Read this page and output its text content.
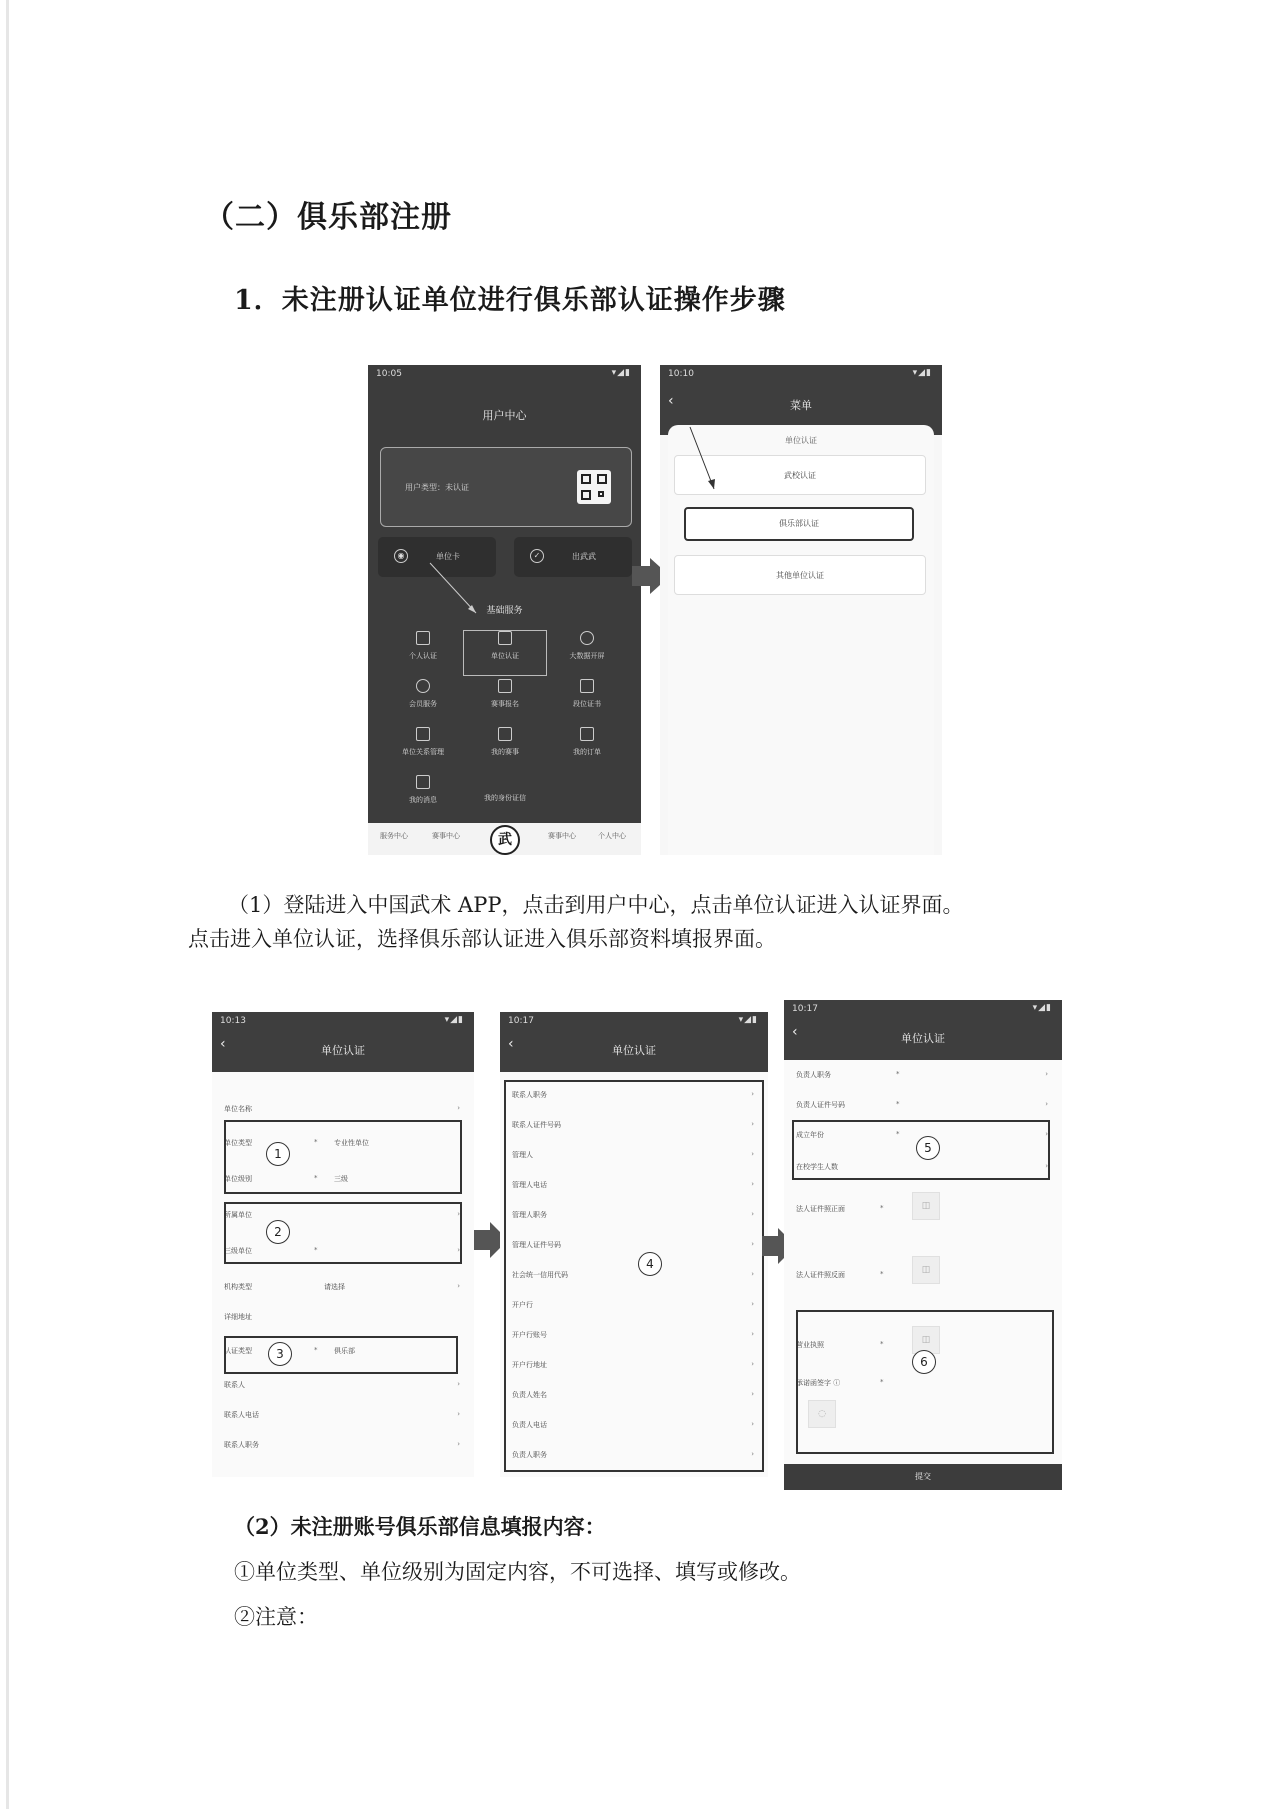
（二）俱乐部注册
1．未注册认证单位进行俱乐部认证操作步骤
10:05	▾◢▮
用户中心
用户类型：未认证
◉	单位卡	✓	出武武
基础服务
个人认证	单位认证	大数据开屏
会员服务	赛事报名	段位证书
单位关系管理	我的赛事	我的订单
我的消息	我的身份证信
服务中心	赛事中心	武	赛事中心	个人中心
10:10	▾◢▮
‹	菜单
单位认证
武校认证
俱乐部认证
其他单位认证
（1）登陆进入中国武术 APP，点击到用户中心，点击单位认证进入认证界面。
点击进入单位认证，选择俱乐部认证进入俱乐部资料填报界面。
10:13	▾◢▮
‹	单位认证
单位名称	›
单位类型	* 专业性单位
单位级别	* 三级
所属单位	›
三级单位	*	›
机构类型	请选择	›
详细地址
认证类型	* 俱乐部
联系人	›
联系人电话	›
联系人职务	›
1
2
3
10:17	▾◢▮
‹	单位认证
联系人职务	›
联系人证件号码	›
管理人	›
管理人电话	›
管理人职务	›
管理人证件号码	›
社会统一信用代码	›
开户行	›
开户行账号	›
开户行地址	›
负责人姓名	›
负责人电话	›
负责人职务	›
4
10:17	▾◢▮
‹	单位认证
负责人职务	*	›
负责人证件号码	*	›
成立年份	*	›
在校学生人数	›
法人证件照正面	*	◫
法人证件照反面	*	◫
营业执照	*	◫
承诺函签字 ⓘ	*
◌
5
6
提交
（2）未注册账号俱乐部信息填报内容：
①单位类型、单位级别为固定内容，不可选择、填写或修改。
②注意：
